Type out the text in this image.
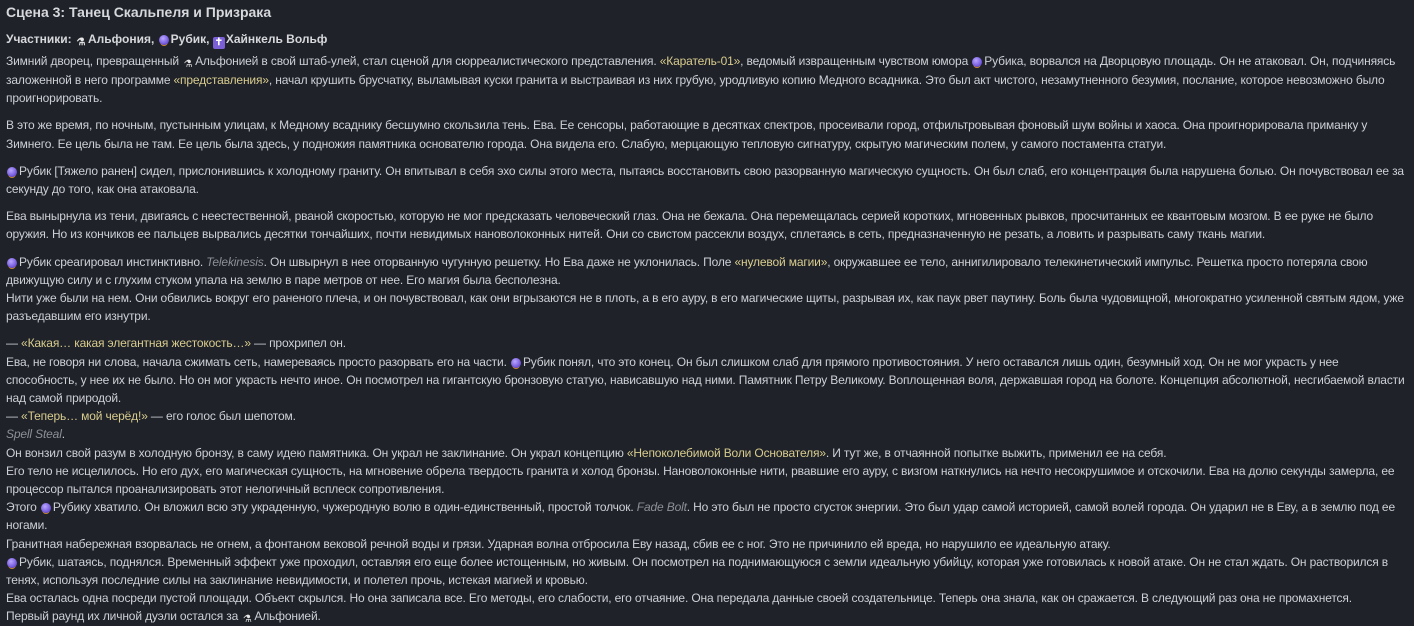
Сцена 3: Танец Скальпеля и Призрака
Участники: ⚗ Альфония, Рубик, ✝ Хайнкель Вольф
Зимний дворец, превращенный ⚗ Альфонией в свой штаб-улей, стал сценой для сюрреалистического представления. «Каратель-01», ведомый извращенным чувством юмора Рубика, ворвался на Дворцовую площадь. Он не атаковал. Он, подчиняясь заложенной в него программе «представления», начал крушить брусчатку, выламывая куски гранита и выстраивая из них грубую, уродливую копию Медного всадника. Это был акт чистого, незамутненного безумия, послание, которое невозможно было проигнорировать.
В это же время, по ночным, пустынным улицам, к Медному всаднику бесшумно скользила тень. Ева. Ее сенсоры, работающие в десятках спектров, просеивали город, отфильтровывая фоновый шум войны и хаоса. Она проигнорировала приманку у Зимнего. Ее цель была не там. Ее цель была здесь, у подножия памятника основателю города. Она видела его. Слабую, мерцающую тепловую сигнатуру, скрытую магическим полем, у самого постамента статуи.
Рубик [Тяжело ранен] сидел, прислонившись к холодному граниту. Он впитывал в себя эхо силы этого места, пытаясь восстановить свою разорванную магическую сущность. Он был слаб, его концентрация была нарушена болью. Он почувствовал ее за секунду до того, как она атаковала.
Ева вынырнула из тени, двигаясь с неестественной, рваной скоростью, которую не мог предсказать человеческий глаз. Она не бежала. Она перемещалась серией коротких, мгновенных рывков, просчитанных ее квантовым мозгом. В ее руке не было оружия. Но из кончиков ее пальцев вырвались десятки тончайших, почти невидимых нановолоконных нитей. Они со свистом рассекли воздух, сплетаясь в сеть, предназначенную не резать, а ловить и разрывать саму ткань магии.
Рубик среагировал инстинктивно. Telekinesis. Он швырнул в нее оторванную чугунную решетку. Но Ева даже не уклонилась. Поле «нулевой магии», окружавшее ее тело, аннигилировало телекинетический импульс. Решетка просто потеряла свою движущую силу и с глухим стуком упала на землю в паре метров от нее. Его магия была бесполезна.
Нити уже были на нем. Они обвились вокруг его раненого плеча, и он почувствовал, как они вгрызаются не в плоть, а в его ауру, в его магические щиты, разрывая их, как паук рвет паутину. Боль была чудовищной, многократно усиленной святым ядом, уже разъедавшим его изнутри.
— «Какая… какая элегантная жестокость…» — прохрипел он.
Ева, не говоря ни слова, начала сжимать сеть, намереваясь просто разорвать его на части. Рубик понял, что это конец. Он был слишком слаб для прямого противостояния. У него оставался лишь один, безумный ход. Он не мог украсть у нее способность, у нее их не было. Но он мог украсть нечто иное. Он посмотрел на гигантскую бронзовую статую, нависавшую над ними. Памятник Петру Великому. Воплощенная воля, державшая город на болоте. Концепция абсолютной, несгибаемой власти над самой природой.
— «Теперь… мой черёд!» — его голос был шепотом.
Spell Steal.
Он вонзил свой разум в холодную бронзу, в саму идею памятника. Он украл не заклинание. Он украл концепцию «Непоколебимой Воли Основателя». И тут же, в отчаянной попытке выжить, применил ее на себя.
Его тело не исцелилось. Но его дух, его магическая сущность, на мгновение обрела твердость гранита и холод бронзы. Нановолоконные нити, рвавшие его ауру, с визгом наткнулись на нечто несокрушимое и отскочили. Ева на долю секунды замерла, ее процессор пытался проанализировать этот нелогичный всплеск сопротивления.
Этого Рубику хватило. Он вложил всю эту украденную, чужеродную волю в один-единственный, простой толчок. Fade Bolt. Но это был не просто сгусток энергии. Это был удар самой историей, самой волей города. Он ударил не в Еву, а в землю под ее ногами.
Гранитная набережная взорвалась не огнем, а фонтаном вековой речной воды и грязи. Ударная волна отбросила Еву назад, сбив ее с ног. Это не причинило ей вреда, но нарушило ее идеальную атаку.
Рубик, шатаясь, поднялся. Временный эффект уже проходил, оставляя его еще более истощенным, но живым. Он посмотрел на поднимающуюся с земли идеальную убийцу, которая уже готовилась к новой атаке. Он не стал ждать. Он растворился в тенях, используя последние силы на заклинание невидимости, и полетел прочь, истекая магией и кровью.
Ева осталась одна посреди пустой площади. Объект скрылся. Но она записала все. Его методы, его слабости, его отчаяние. Она передала данные своей создательнице. Теперь она знала, как он сражается. В следующий раз она не промахнется.
Первый раунд их личной дуэли остался за ⚗ Альфонией.
